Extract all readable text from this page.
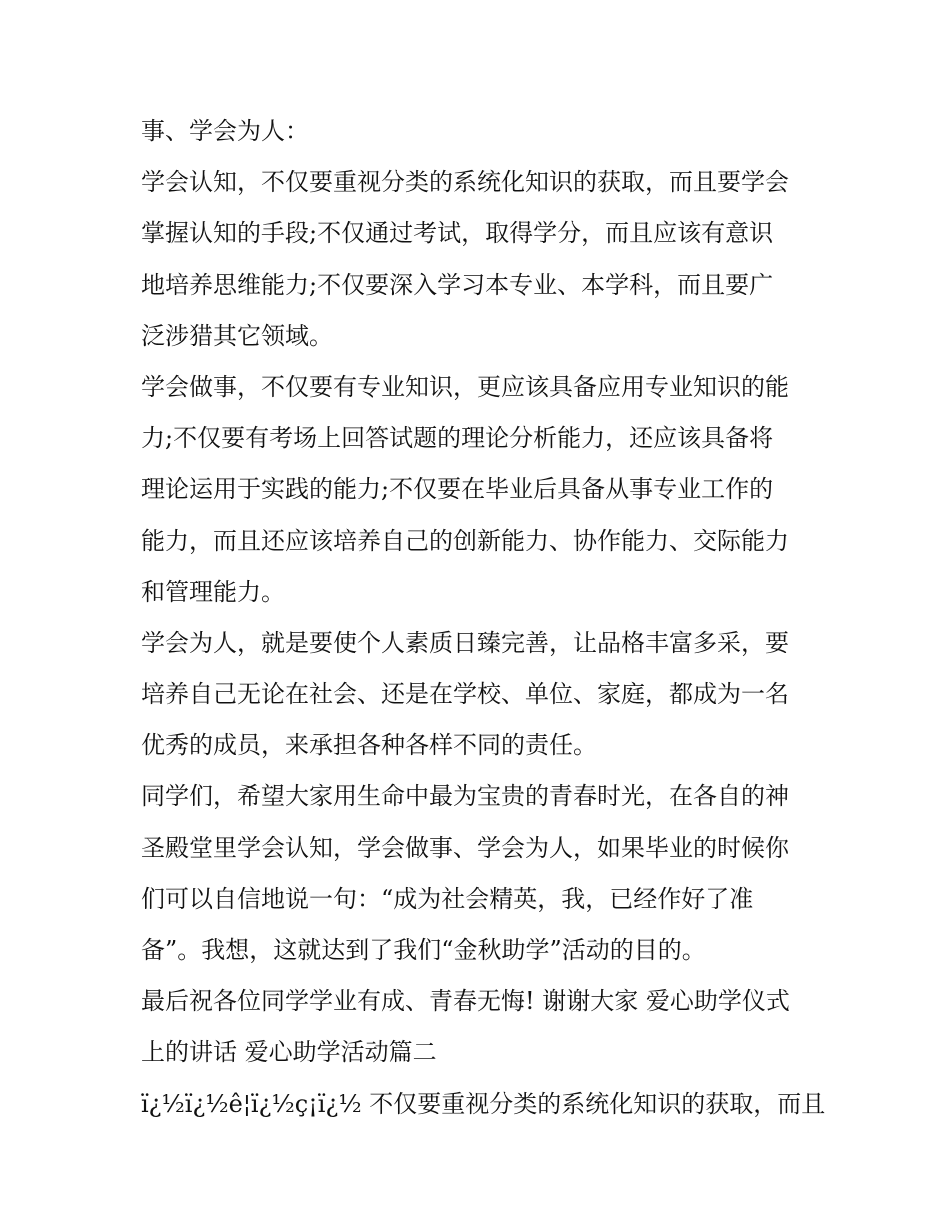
事、学会为人：
学会认知，不仅要重视分类的系统化知识的获取，而且要学会
掌握认知的手段;不仅通过考试，取得学分，而且应该有意识
地培养思维能力;不仅要深入学习本专业、本学科，而且要广
泛涉猎其它领域。
学会做事，不仅要有专业知识，更应该具备应用专业知识的能
力;不仅要有考场上回答试题的理论分析能力，还应该具备将
理论运用于实践的能力;不仅要在毕业后具备从事专业工作的
能力，而且还应该培养自己的创新能力、协作能力、交际能力
和管理能力。
学会为人，就是要使个人素质日臻完善，让品格丰富多采，要
培养自己无论在社会、还是在学校、单位、家庭，都成为一名
优秀的成员，来承担各种各样不同的责任。
同学们，希望大家用生命中最为宝贵的青春时光，在各自的神
圣殿堂里学会认知，学会做事、学会为人，如果毕业的时候你
们可以自信地说一句：“成为社会精英，我，已经作好了准
备”。我想，这就达到了我们“金秋助学”活动的目的。
最后祝各位同学学业有成、青春无悔! 谢谢大家 爱心助学仪式
上的讲话 爱心助学活动篇二
ï¿½ï¿½ê¦ï¿½ç¡ï¿½ 不仅要重视分类的系统化知识的获取，而且
